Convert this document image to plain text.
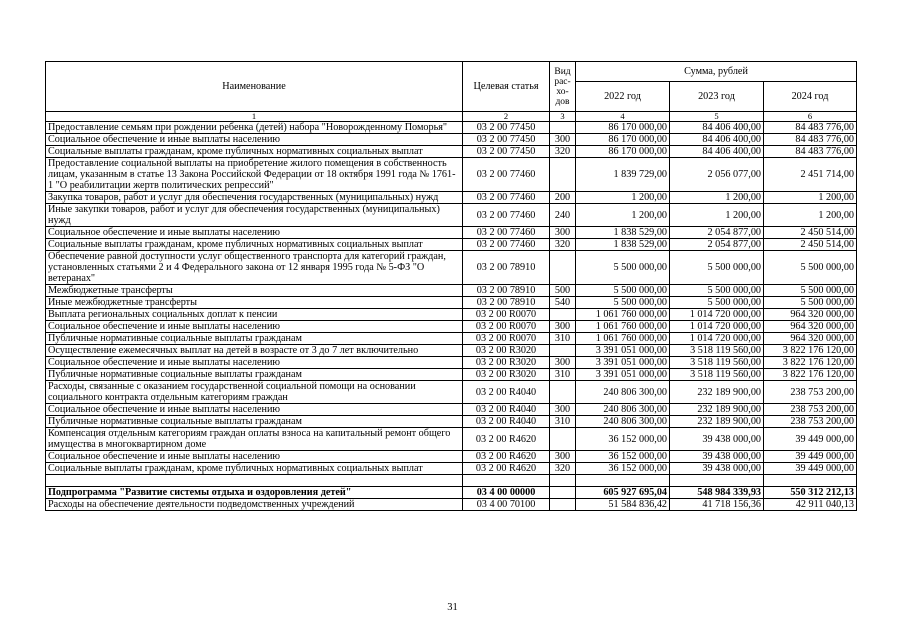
Наименование	Целевая статья	Вид рас- хо- дов	Сумма, рублей		
			2022 год	2023 год	2024 год
1	2	3	4	5	6
Предоставление семьям при рождении ребенка (детей) набора "Новорожденному Поморья"	03 2 00 77450		86 170 000,00	84 406 400,00	84 483 776,00
Социальное обеспечение и иные выплаты населению	03 2 00 77450	300	86 170 000,00	84 406 400,00	84 483 776,00
Социальные выплаты гражданам, кроме публичных нормативных социальных выплат	03 2 00 77450	320	86 170 000,00	84 406 400,00	84 483 776,00
Предоставление социальной выплаты на приобретение жилого помещения в собственность лицам, указанным в статье 13 Закона Российской Федерации от 18 октября 1991 года № 1761-1 "О реабилитации жертв политических репрессий"	03 2 00 77460		1 839 729,00	2 056 077,00	2 451 714,00
Закупка товаров, работ и услуг для обеспечения государственных (муниципальных) нужд	03 2 00 77460	200	1 200,00	1 200,00	1 200,00
Иные закупки товаров, работ и услуг для обеспечения государственных (муниципальных) нужд	03 2 00 77460	240	1 200,00	1 200,00	1 200,00
Социальное обеспечение и иные выплаты населению	03 2 00 77460	300	1 838 529,00	2 054 877,00	2 450 514,00
Социальные выплаты гражданам, кроме публичных нормативных социальных выплат	03 2 00 77460	320	1 838 529,00	2 054 877,00	2 450 514,00
Обеспечение равной доступности услуг общественного транспорта для категорий граждан, установленных статьями 2 и 4 Федерального закона от 12 января 1995 года № 5-ФЗ "О ветеранах"	03 2 00 78910		5 500 000,00	5 500 000,00	5 500 000,00
Межбюджетные трансферты	03 2 00 78910	500	5 500 000,00	5 500 000,00	5 500 000,00
Иные межбюджетные трансферты	03 2 00 78910	540	5 500 000,00	5 500 000,00	5 500 000,00
Выплата региональных социальных доплат к пенсии	03 2 00 R0070		1 061 760 000,00	1 014 720 000,00	964 320 000,00
Социальное обеспечение и иные выплаты населению	03 2 00 R0070	300	1 061 760 000,00	1 014 720 000,00	964 320 000,00
Публичные нормативные социальные выплаты гражданам	03 2 00 R0070	310	1 061 760 000,00	1 014 720 000,00	964 320 000,00
Осуществление ежемесячных выплат на детей в возрасте от 3 до 7 лет включительно	03 2 00 R3020		3 391 051 000,00	3 518 119 560,00	3 822 176 120,00
Социальное обеспечение и иные выплаты населению	03 2 00 R3020	300	3 391 051 000,00	3 518 119 560,00	3 822 176 120,00
Публичные нормативные социальные выплаты гражданам	03 2 00 R3020	310	3 391 051 000,00	3 518 119 560,00	3 822 176 120,00
Расходы, связанные с оказанием государственной социальной помощи на основании социального контракта отдельным категориям граждан	03 2 00 R4040		240 806 300,00	232 189 900,00	238 753 200,00
Социальное обеспечение и иные выплаты населению	03 2 00 R4040	300	240 806 300,00	232 189 900,00	238 753 200,00
Публичные нормативные социальные выплаты гражданам	03 2 00 R4040	310	240 806 300,00	232 189 900,00	238 753 200,00
Компенсация отдельным категориям граждан оплаты взноса на капитальный ремонт общего имущества в многоквартирном доме	03 2 00 R4620		36 152 000,00	39 438 000,00	39 449 000,00
Социальное обеспечение и иные выплаты населению	03 2 00 R4620	300	36 152 000,00	39 438 000,00	39 449 000,00
Социальные выплаты гражданам, кроме публичных нормативных социальных выплат	03 2 00 R4620	320	36 152 000,00	39 438 000,00	39 449 000,00

Подпрограмма "Развитие системы отдыха и оздоровления детей"	03 4 00 00000		605 927 695,04	548 984 339,93	550 312 212,13
Расходы на обеспечение деятельности подведомственных учреждений	03 4 00 70100		51 584 836,42	41 718 156,36	42 911 040,13
31
